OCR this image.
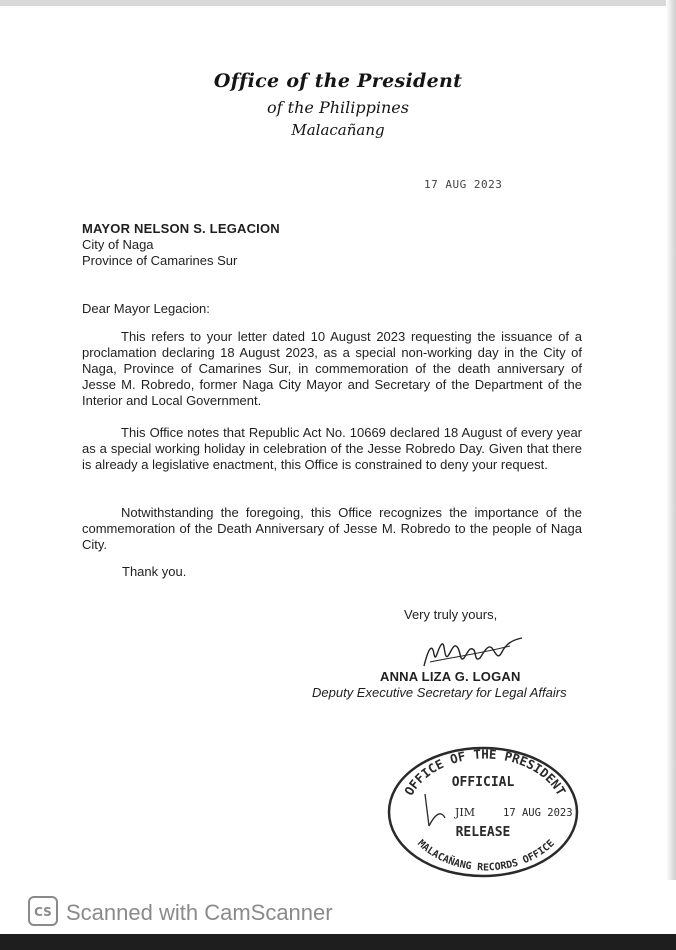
Office of the President
of the Philippines
Malacañang
17 AUG 2023
MAYOR NELSON S. LEGACION
City of Naga
Province of Camarines Sur
Dear Mayor Legacion:

This refers to your letter dated 10 August 2023 requesting the issuance of a proclamation declaring 18 August 2023, as a special non-working day in the City of Naga, Province of Camarines Sur, in commemoration of the death anniversary of Jesse M. Robredo, former Naga City Mayor and Secretary of the Department of the Interior and Local Government.

This Office notes that Republic Act No. 10669 declared 18 August of every year as a special working holiday in celebration of the Jesse Robredo Day. Given that there is already a legislative enactment, this Office is constrained to deny your request.

Notwithstanding the foregoing, this Office recognizes the importance of the commemoration of the Death Anniversary of Jesse M. Robredo to the people of Naga City.

Thank you.
Very truly yours,
ANNA LIZA G. LOGAN
Deputy Executive Secretary for Legal Affairs
OFFICE OF THE PRESIDENT
OFFICIAL
JIM	17 AUG 2023
RELEASE
MALACAÑANG RECORDS OFFICE
CS Scanned with CamScanner
